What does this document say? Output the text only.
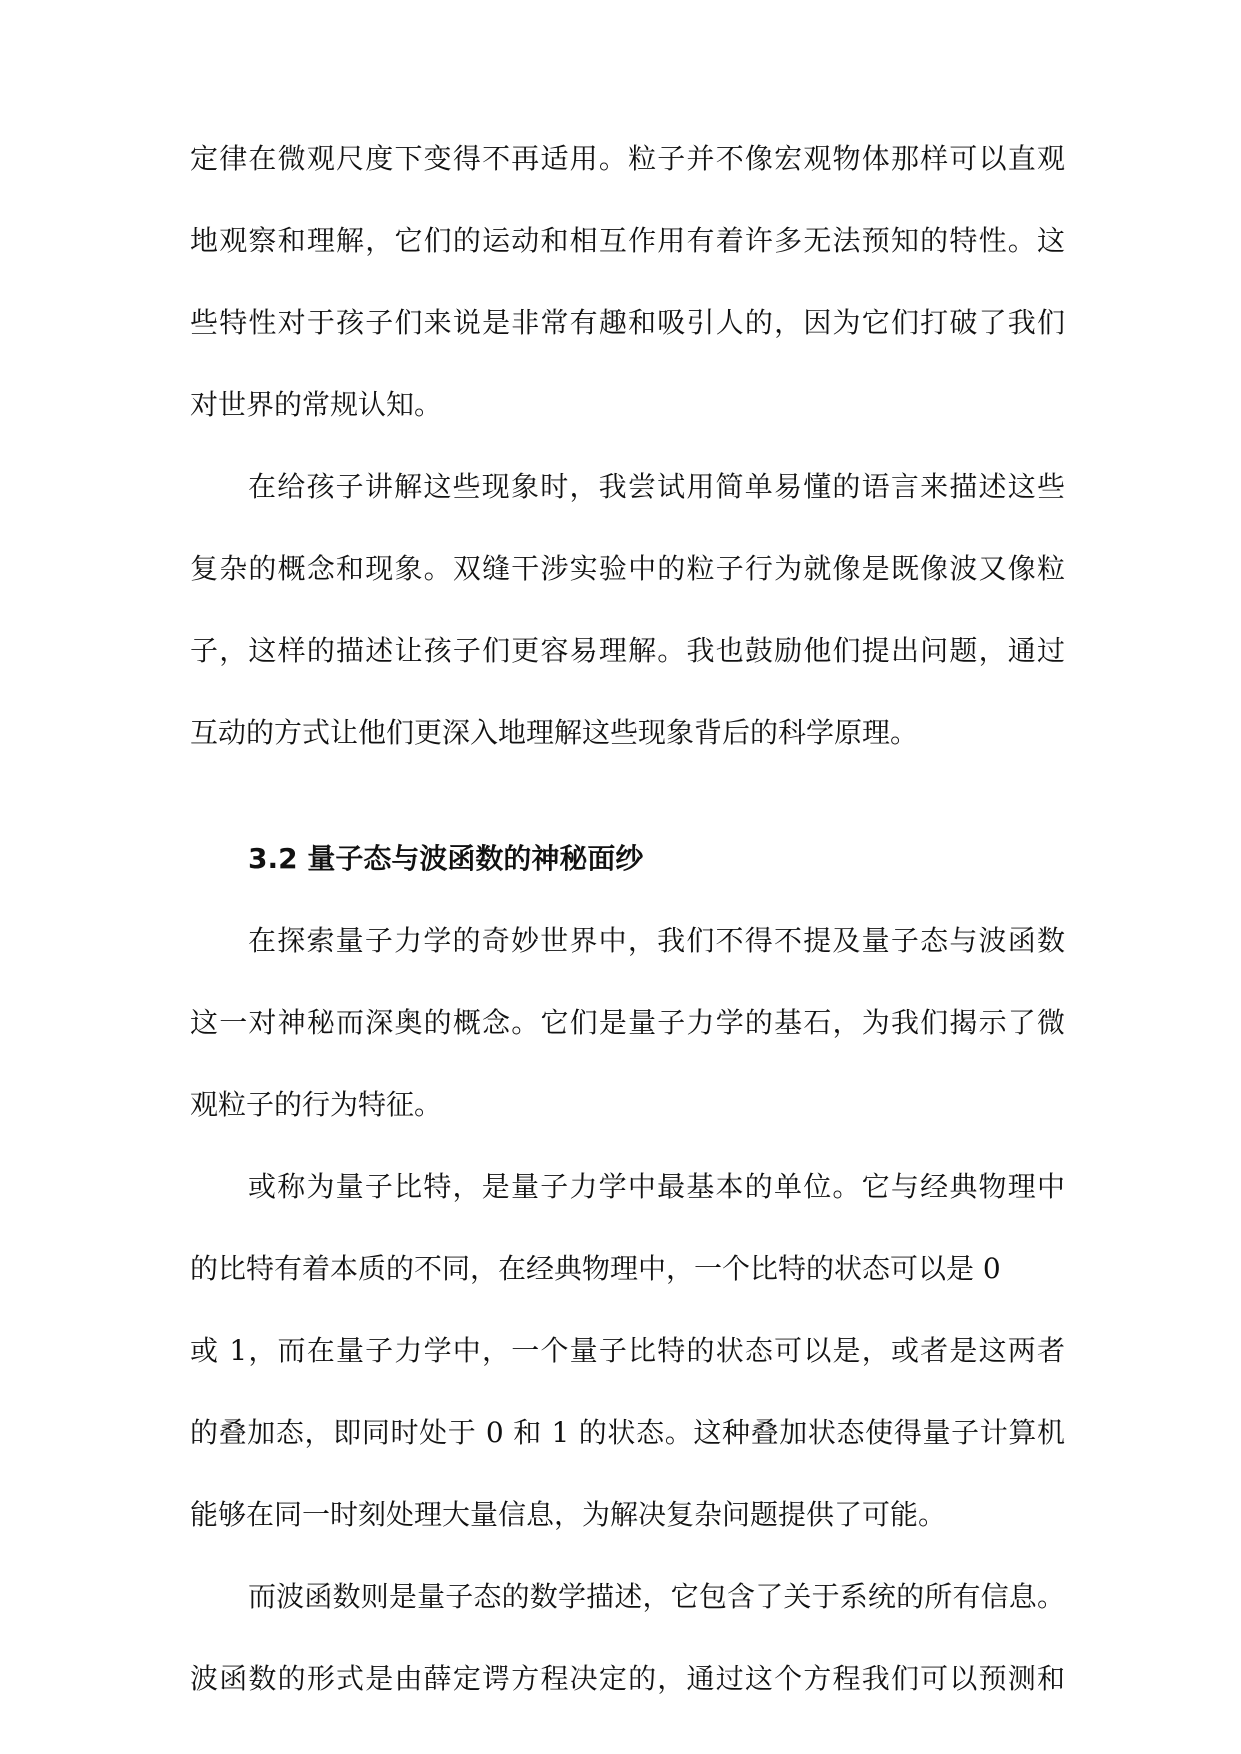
定律在微观尺度下变得不再适用。粒子并不像宏观物体那样可以直观
地观察和理解，它们的运动和相互作用有着许多无法预知的特性。这
些特性对于孩子们来说是非常有趣和吸引人的，因为它们打破了我们
对世界的常规认知。
在给孩子讲解这些现象时，我尝试用简单易懂的语言来描述这些
复杂的概念和现象。双缝干涉实验中的粒子行为就像是既像波又像粒
子，这样的描述让孩子们更容易理解。我也鼓励他们提出问题，通过
互动的方式让他们更深入地理解这些现象背后的科学原理。
3.2 量子态与波函数的神秘面纱
在探索量子力学的奇妙世界中，我们不得不提及量子态与波函数
这一对神秘而深奥的概念。它们是量子力学的基石，为我们揭示了微
观粒子的行为特征。
或称为量子比特，是量子力学中最基本的单位。它与经典物理中
的比特有着本质的不同，在经典物理中，一个比特的状态可以是 0
或 1，而在量子力学中，一个量子比特的状态可以是，或者是这两者
的叠加态，即同时处于 0 和 1 的状态。这种叠加状态使得量子计算机
能够在同一时刻处理大量信息，为解决复杂问题提供了可能。
而波函数则是量子态的数学描述，它包含了关于系统的所有信息。
波函数的形式是由薛定谔方程决定的，通过这个方程我们可以预测和
